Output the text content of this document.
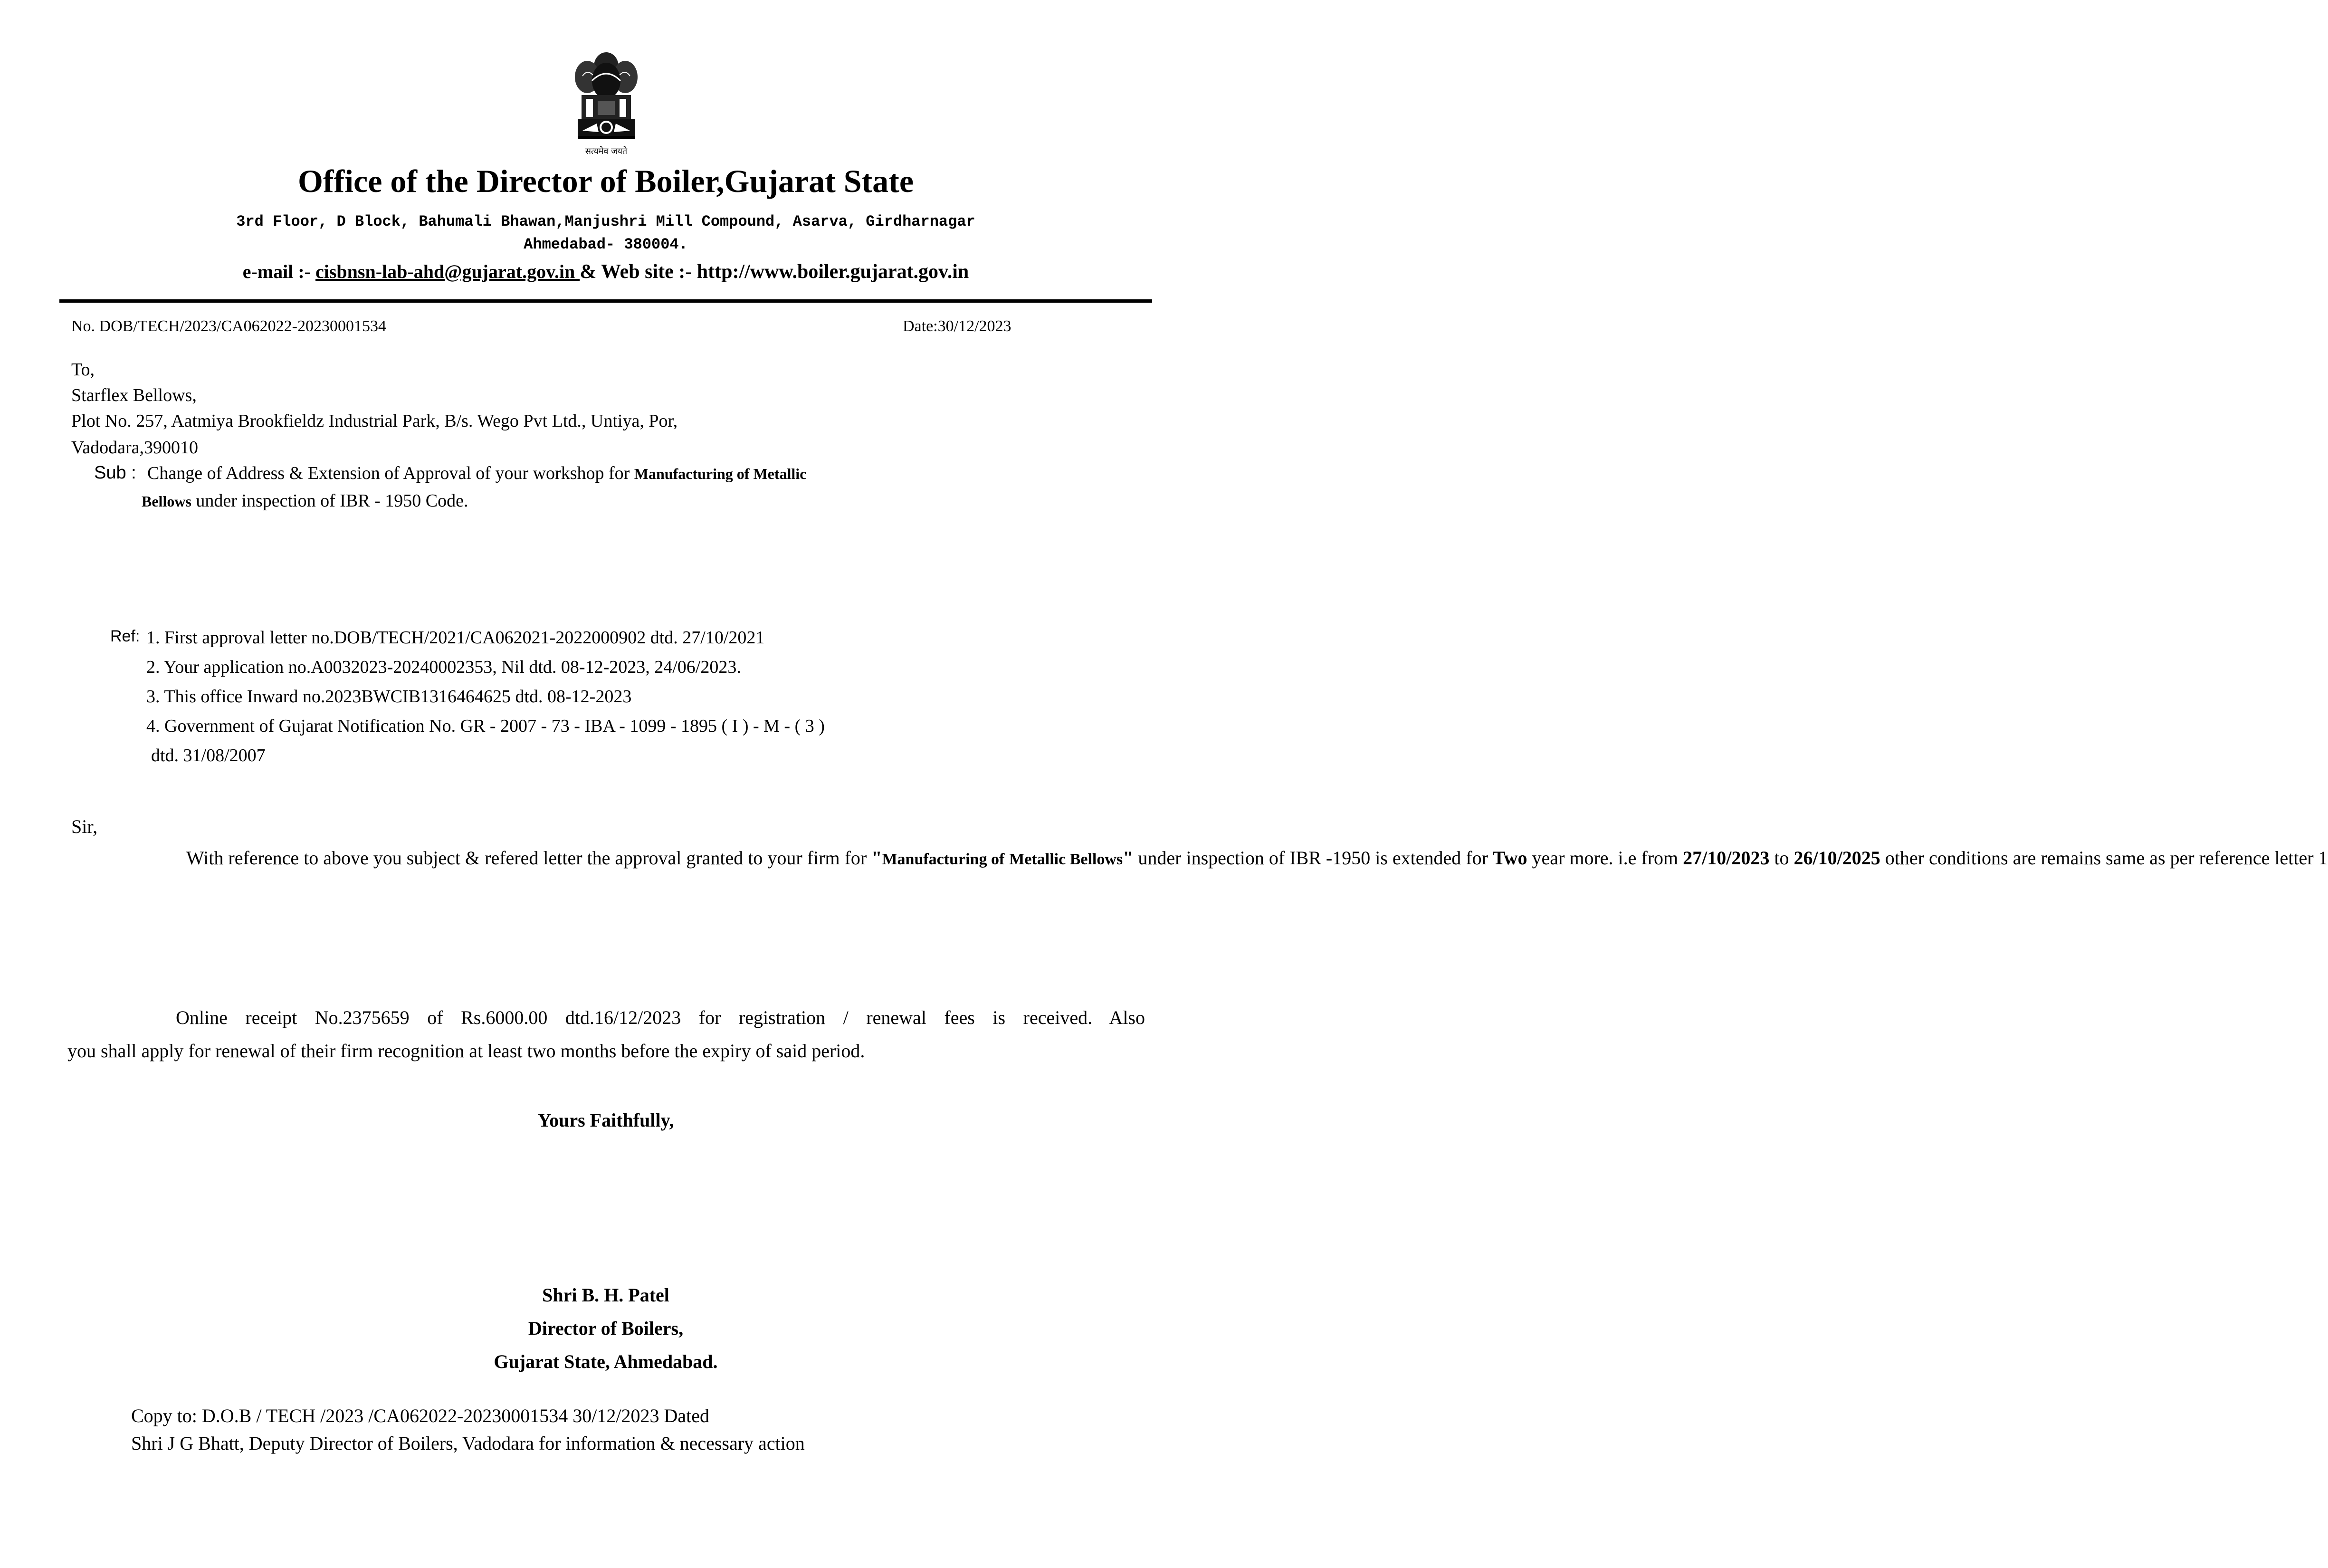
सत्यमेव जयते
Office of the Director of Boiler,Gujarat State
3rd Floor, D Block, Bahumali Bhawan,Manjushri Mill Compound, Asarva, Girdharnagar
Ahmedabad- 380004.
e-mail :- cisbnsn-lab-ahd@gujarat.gov.in & Web site :- http://www.boiler.gujarat.gov.in
No. DOB/TECH/2023/CA062022-20230001534	Date:30/12/2023
To,
Starflex Bellows,
Plot No. 257, Aatmiya Brookfieldz Industrial Park, B/s. Wego Pvt Ltd., Untiya, Por,
Vadodara,390010
Sub : Change of Address & Extension of Approval of your workshop for Manufacturing of Metallic
Bellows under inspection of IBR - 1950 Code.
Ref: 1. First approval letter no.DOB/TECH/2021/CA062021-2022000902 dtd. 27/10/2021
2. Your application no.A0032023-20240002353, Nil dtd. 08-12-2023, 24/06/2023.
3. This office Inward no.2023BWCIB1316464625 dtd. 08-12-2023
4. Government of Gujarat Notification No. GR - 2007 - 73 - IBA - 1099 - 1895 ( I ) - M - ( 3 )
dtd. 31/08/2007
Sir,
With reference to above you subject & refered letter the approval granted to your firm for "Manufacturing of Metallic Bellows" under inspection of IBR -1950 is extended for Two year more. i.e from 27/10/2023 to 26/10/2025 other conditions are remains same as per reference letter 1
Online receipt No.2375659 of Rs.6000.00 dtd.16/12/2023 for registration / renewal fees is received. Also
you shall apply for renewal of their firm recognition at least two months before the expiry of said period.
Yours Faithfully,
Shri B. H. Patel
Director of Boilers,
Gujarat State, Ahmedabad.
Copy to: D.O.B / TECH /2023 /CA062022-20230001534 30/12/2023 Dated
Shri J G Bhatt, Deputy Director of Boilers, Vadodara for information & necessary action
